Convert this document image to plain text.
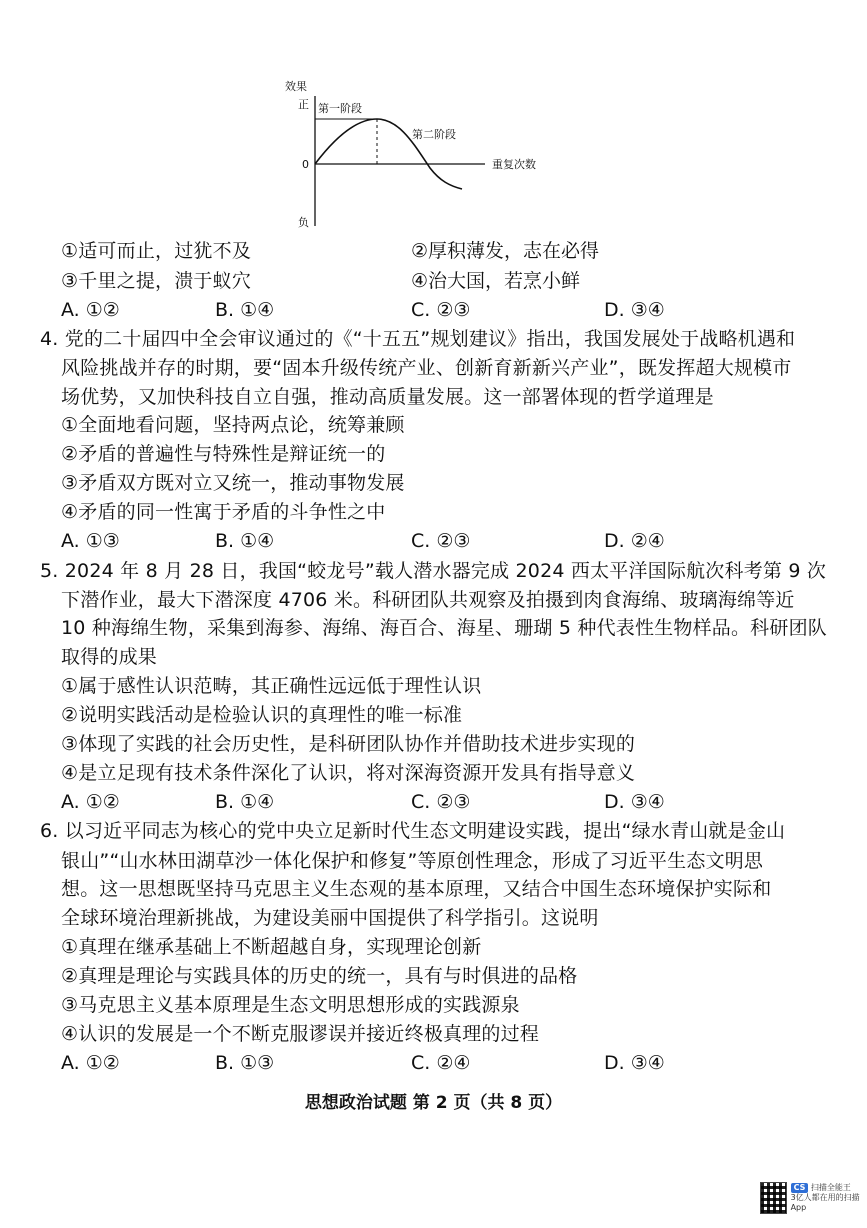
效果
正
0
负
重复次数
第一阶段
第二阶段
①适可而止，过犹不及	②厚积薄发，志在必得
③千里之提，溃于蚁穴	④治大国，若烹小鲜
A. ①②	B. ①④	C. ②③	D. ③④
4. 党的二十届四中全会审议通过的《“十五五”规划建议》指出，我国发展处于战略机遇和
风险挑战并存的时期，要“固本升级传统产业、创新育新新兴产业”，既发挥超大规模市
场优势，又加快科技自立自强，推动高质量发展。这一部署体现的哲学道理是
①全面地看问题，坚持两点论，统筹兼顾
②矛盾的普遍性与特殊性是辩证统一的
③矛盾双方既对立又统一，推动事物发展
④矛盾的同一性寓于矛盾的斗争性之中
A. ①③	B. ①④	C. ②③	D. ②④
5. 2024 年 8 月 28 日，我国“蛟龙号”载人潜水器完成 2024 西太平洋国际航次科考第 9 次
下潜作业，最大下潜深度 4706 米。科研团队共观察及拍摄到肉食海绵、玻璃海绵等近
10 种海绵生物，采集到海参、海绵、海百合、海星、珊瑚 5 种代表性生物样品。科研团队
取得的成果
①属于感性认识范畴，其正确性远远低于理性认识
②说明实践活动是检验认识的真理性的唯一标准
③体现了实践的社会历史性，是科研团队协作并借助技术进步实现的
④是立足现有技术条件深化了认识，将对深海资源开发具有指导意义
A. ①②	B. ①④	C. ②③	D. ③④
6. 以习近平同志为核心的党中央立足新时代生态文明建设实践，提出“绿水青山就是金山
银山”“山水林田湖草沙一体化保护和修复”等原创性理念，形成了习近平生态文明思
想。这一思想既坚持马克思主义生态观的基本原理，又结合中国生态环境保护实际和
全球环境治理新挑战，为建设美丽中国提供了科学指引。这说明
①真理在继承基础上不断超越自身，实现理论创新
②真理是理论与实践具体的历史的统一，具有与时俱进的品格
③马克思主义基本原理是生态文明思想形成的实践源泉
④认识的发展是一个不断克服谬误并接近终极真理的过程
A. ①②	B. ①③	C. ②④	D. ③④
思想政治试题 第 2 页（共 8 页）
CS 扫描全能王
3亿人都在用的扫描App
